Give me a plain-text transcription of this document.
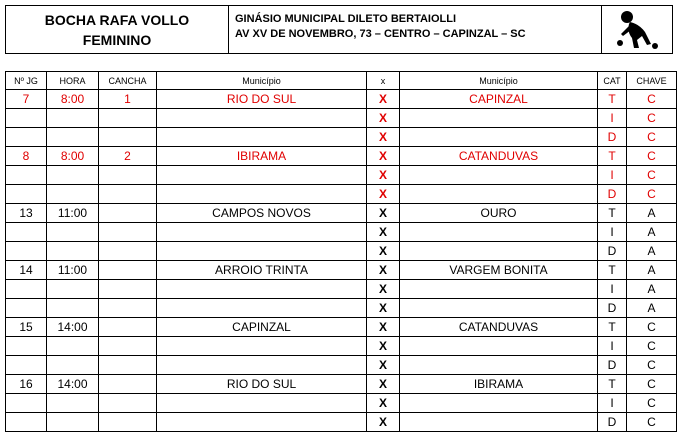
BOCHA RAFA VOLLO
FEMININO
GINÁSIO MUNICIPAL DILETO BERTAIOLLI
AV XV DE NOVEMBRO, 73 – CENTRO – CAPINZAL – SC
Nº JG	HORA	CANCHA	Município	x	Município	CAT	CHAVE
7	8:00	1	RIO DO SUL	X	CAPINZAL	T	C
				X		I	C
				X		D	C
8	8:00	2	IBIRAMA	X	CATANDUVAS	T	C
				X		I	C
				X		D	C
13	11:00		CAMPOS NOVOS	X	OURO	T	A
				X		I	A
				X		D	A
14	11:00		ARROIO TRINTA	X	VARGEM BONITA	T	A
				X		I	A
				X		D	A
15	14:00		CAPINZAL	X	CATANDUVAS	T	C
				X		I	C
				X		D	C
16	14:00		RIO DO SUL	X	IBIRAMA	T	C
				X		I	C
				X		D	C
